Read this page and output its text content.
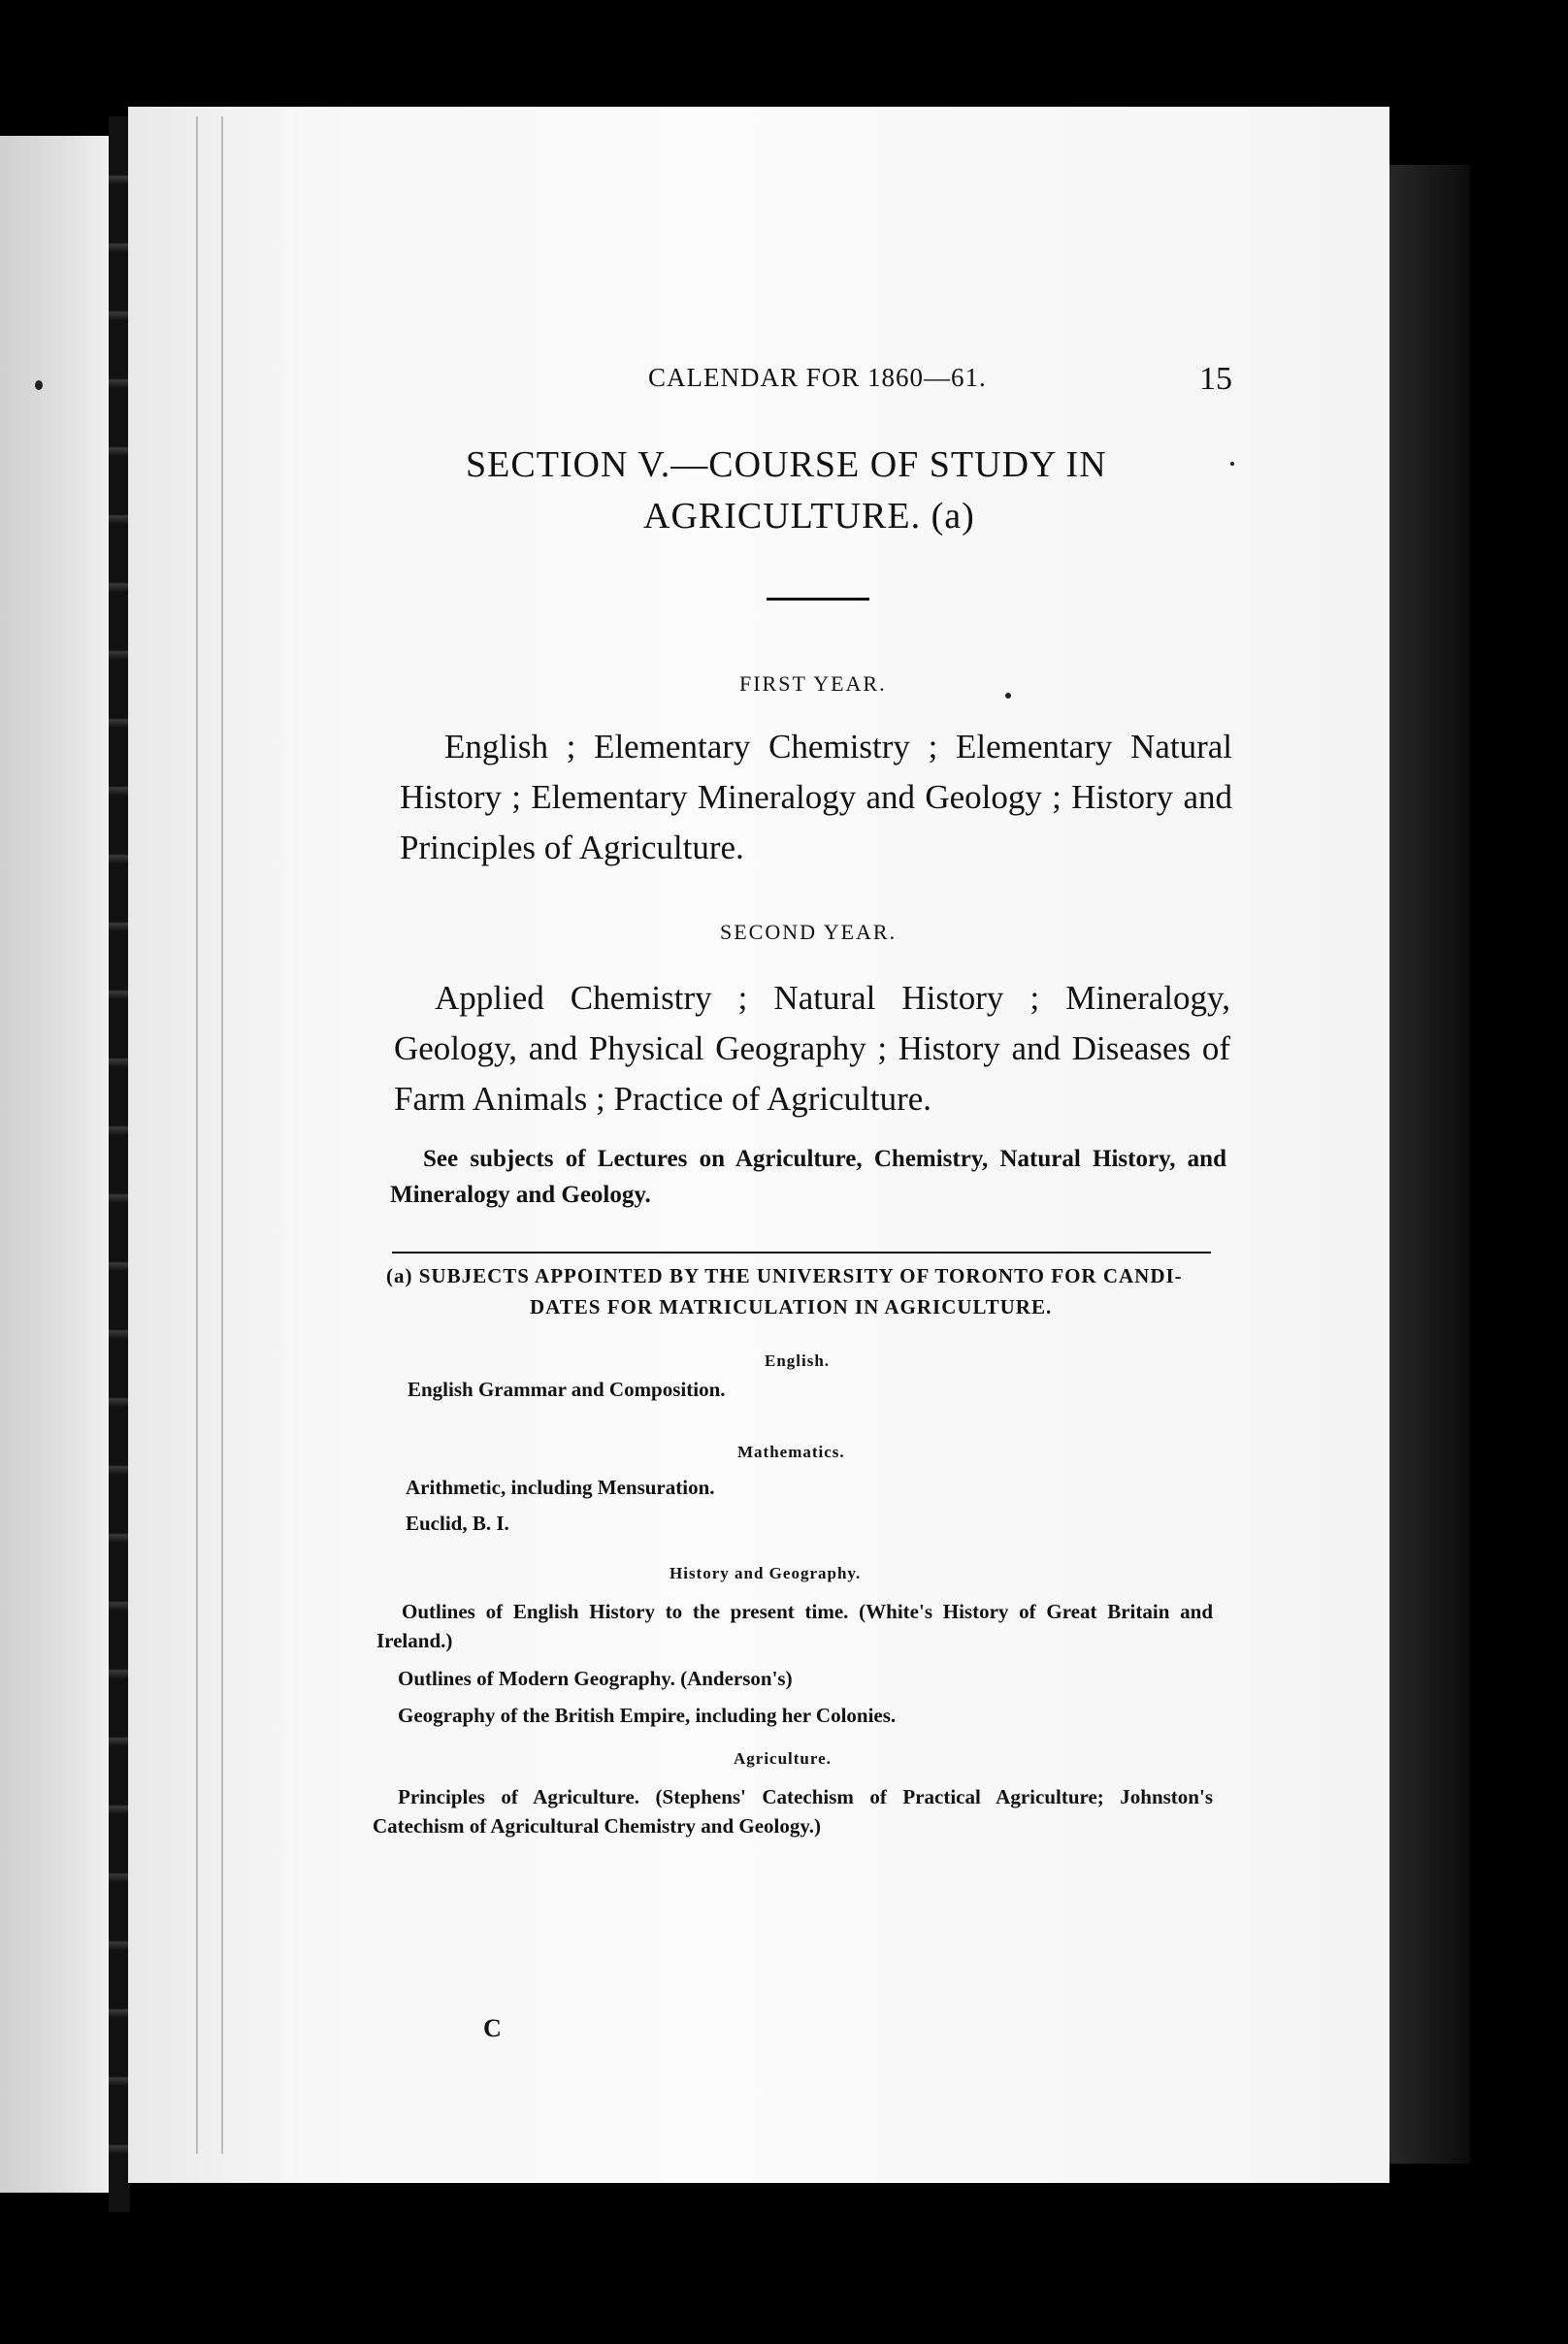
CALENDAR FOR 1860—61.	15
SECTION V.—COURSE OF STUDY IN
AGRICULTURE. (a)
FIRST YEAR.

English ; Elementary Chemistry ; Elementary Natural History ; Elementary Mineralogy and Geology ; History and Principles of Agriculture.

SECOND YEAR.

Applied Chemistry ; Natural History ; Mineralogy, Geology, and Physical Geography ; History and Diseases of Farm Animals ; Practice of Agriculture.

See subjects of Lectures on Agriculture, Chemistry, Natural History, and Mineralogy and Geology.
(a) SUBJECTS APPOINTED BY THE UNIVERSITY OF TORONTO FOR CANDI-
DATES FOR MATRICULATION IN AGRICULTURE.
English.
English Grammar and Composition.
Mathematics.
Arithmetic, including Mensuration.
Euclid, B. I.
History and Geography.
Outlines of English History to the present time. (White's History of Great Britain and Ireland.)
Outlines of Modern Geography. (Anderson's)
Geography of the British Empire, including her Colonies.
Agriculture.
Principles of Agriculture. (Stephens' Catechism of Practical Agriculture; Johnston's Catechism of Agricultural Chemistry and Geology.)
C
